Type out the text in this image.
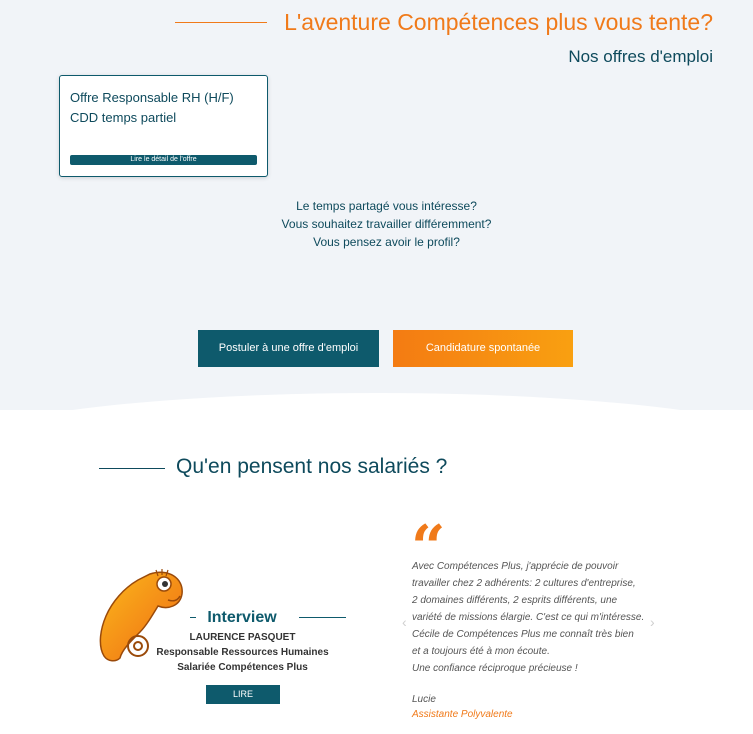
L'aventure Compétences plus vous tente?
Nos offres d'emploi
Offre Responsable RH (H/F)
CDD temps partiel
Lire le détail de l'offre
Le temps partagé vous intéresse?
Vous souhaitez travailler différemment?
Vous pensez avoir le profil?
Postuler à une offre d'emploi	Candidature spontanée
Qu'en pensent nos salariés ?
Interview
LAURENCE PASQUET
Responsable Ressources Humaines
Salariée Compétences Plus
LIRE
“
‹	›
Avec Compétences Plus, j'apprécie de pouvoir
travailler chez 2 adhérents: 2 cultures d'entreprise,
2 domaines différents, 2 esprits différents, une
variété de missions élargie. C'est ce qui m'intéresse.
Cécile de Compétences Plus me connaît très bien
et a toujours été à mon écoute.
Une confiance réciproque précieuse !
Lucie
Assistante Polyvalente
